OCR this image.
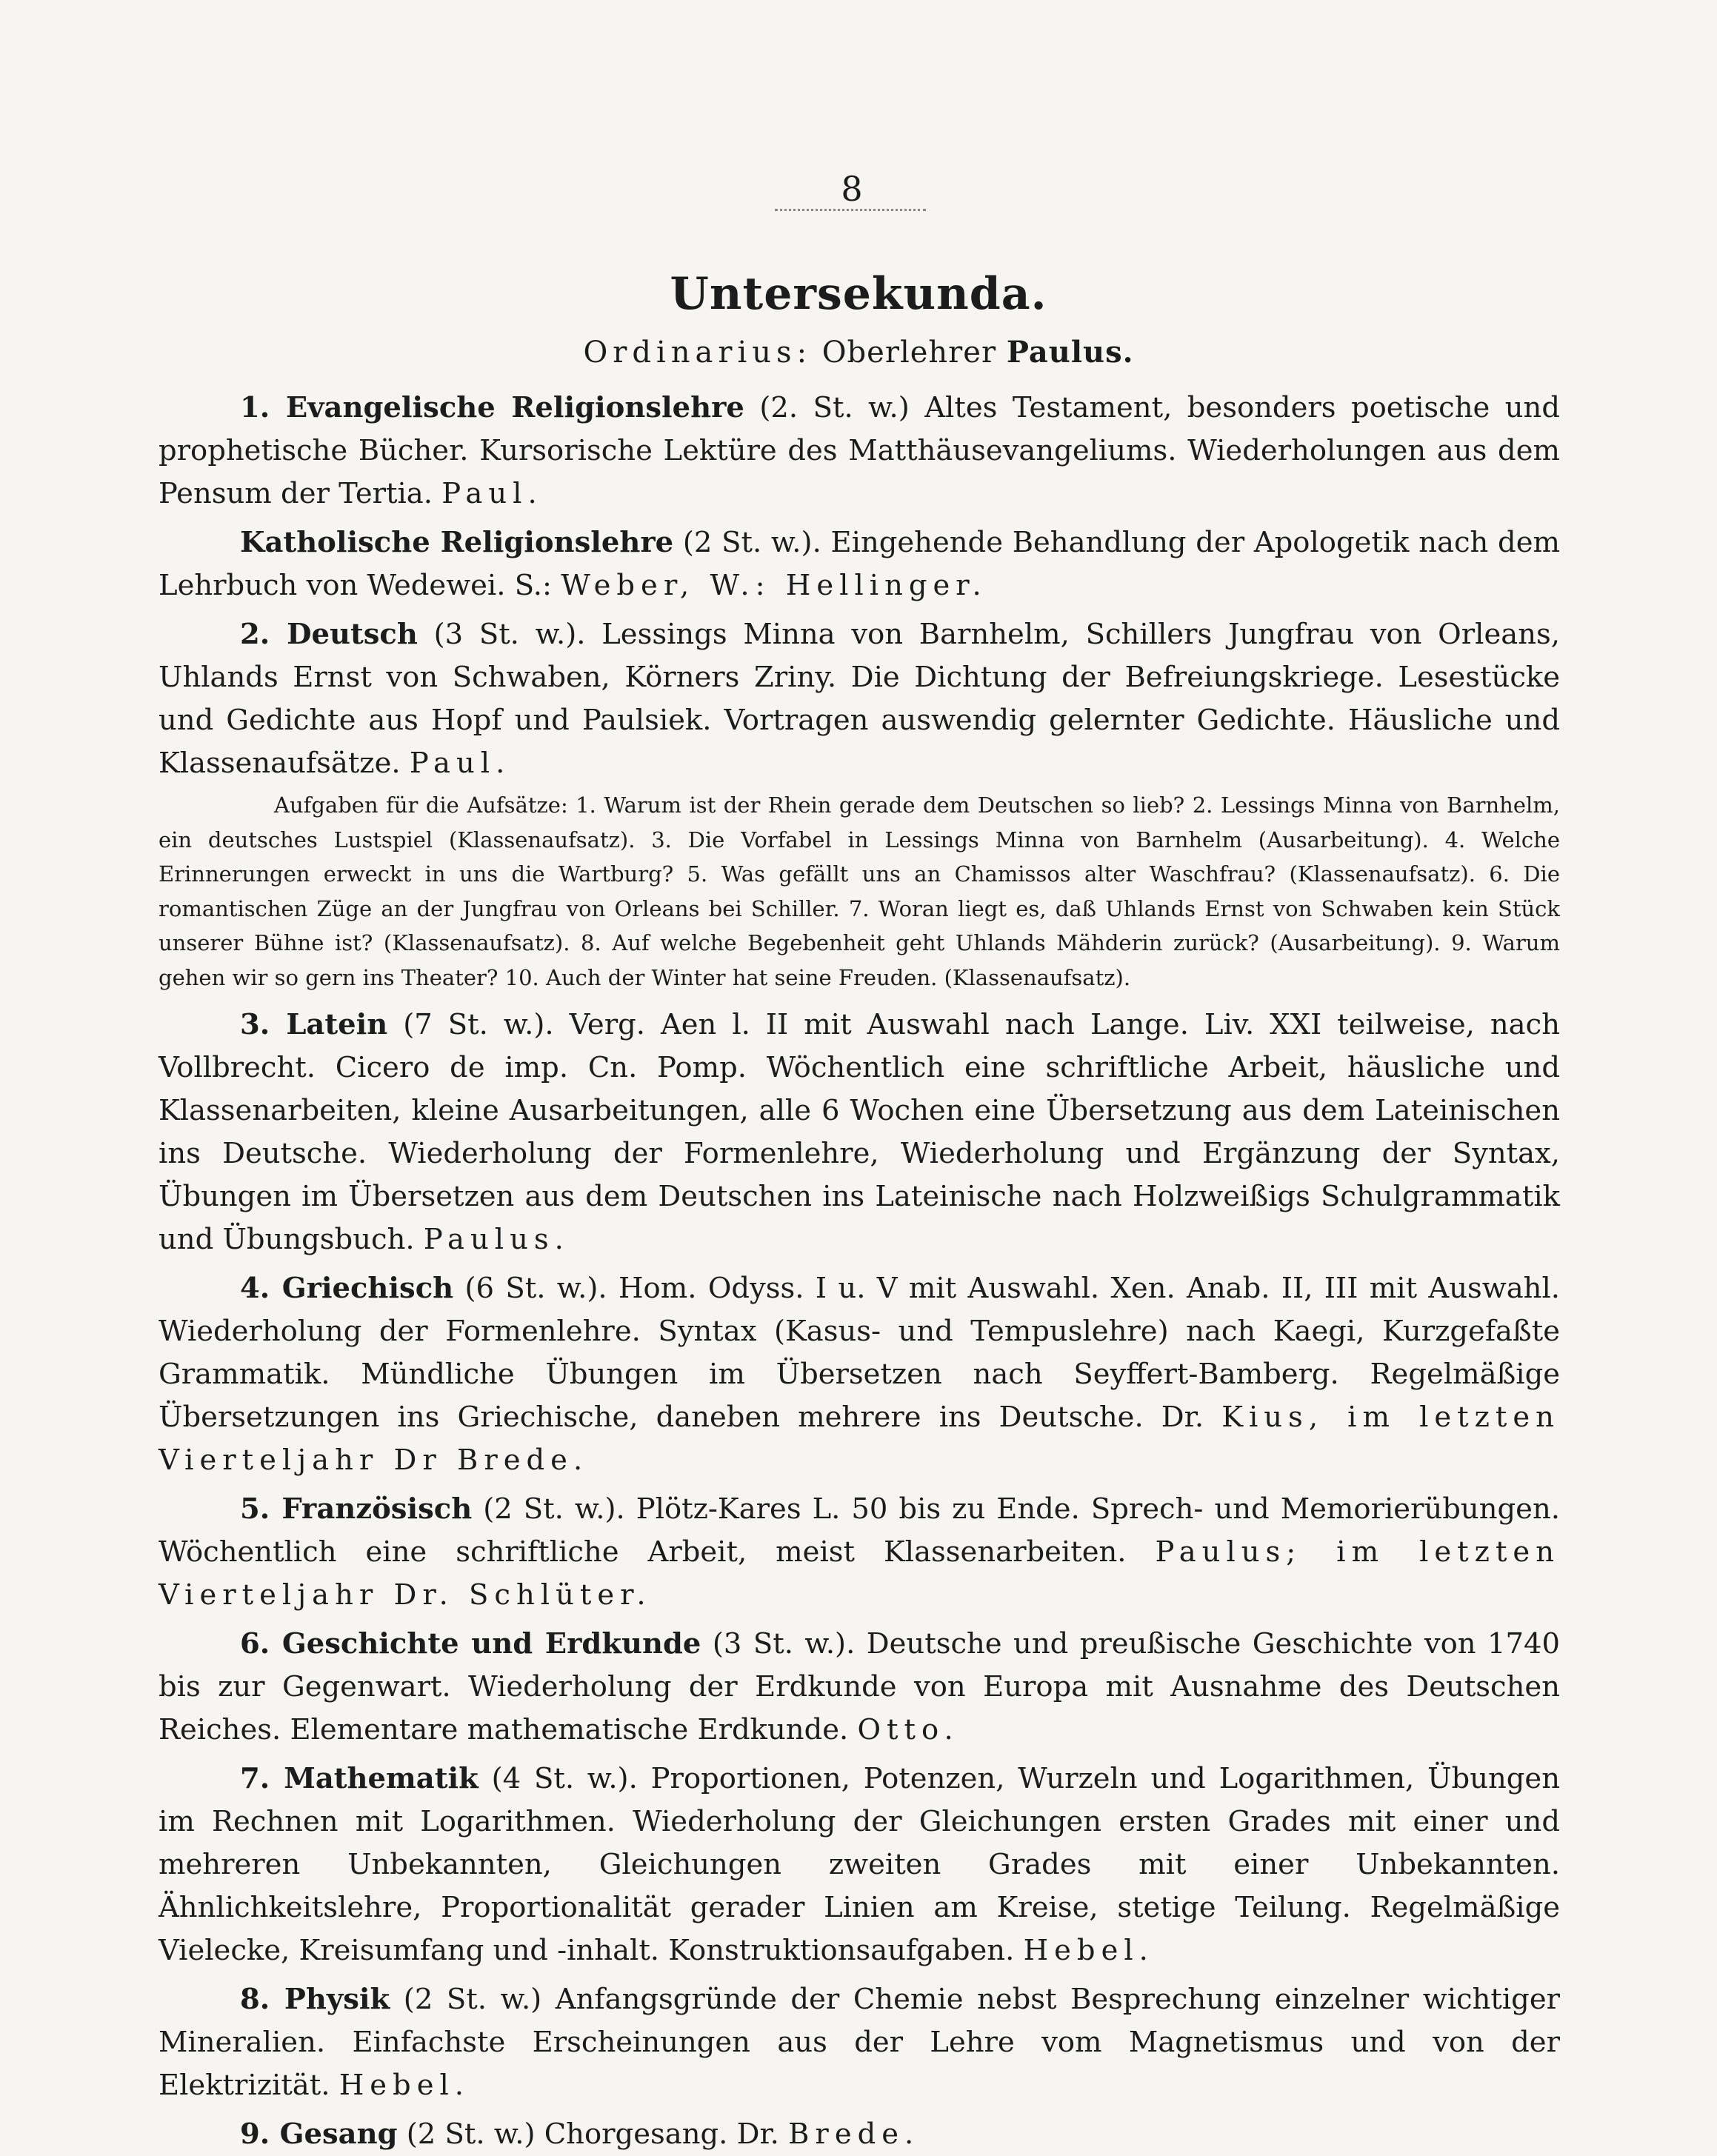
8
Untersekunda.
Ordinarius: Oberlehrer Paulus.

1. Evangelische Religionslehre (2. St. w.) Altes Testament, besonders poetische und prophetische Bücher. Kursorische Lektüre des Matthäusevangeliums. Wiederholungen aus dem Pensum der Tertia. Paul.

Katholische Religionslehre (2 St. w.). Eingehende Behandlung der Apologetik nach dem Lehrbuch von Wedewei. S.: Weber, W.: Hellinger.

2. Deutsch (3 St. w.). Lessings Minna von Barnhelm, Schillers Jungfrau von Orleans, Uhlands Ernst von Schwaben, Körners Zriny. Die Dichtung der Befreiungskriege. Lesestücke und Gedichte aus Hopf und Paulsiek. Vortragen auswendig gelernter Gedichte. Häusliche und Klassenaufsätze. Paul.

Aufgaben für die Aufsätze: 1. Warum ist der Rhein gerade dem Deutschen so lieb? 2. Lessings Minna von Barnhelm, ein deutsches Lustspiel (Klassenaufsatz). 3. Die Vorfabel in Lessings Minna von Barnhelm (Ausarbeitung). 4. Welche Erinnerungen erweckt in uns die Wartburg? 5. Was gefällt uns an Chamissos alter Waschfrau? (Klassenaufsatz). 6. Die romantischen Züge an der Jungfrau von Orleans bei Schiller. 7. Woran liegt es, daß Uhlands Ernst von Schwaben kein Stück unserer Bühne ist? (Klassenaufsatz). 8. Auf welche Begebenheit geht Uhlands Mähderin zurück? (Ausarbeitung). 9. Warum gehen wir so gern ins Theater? 10. Auch der Winter hat seine Freuden. (Klassenaufsatz).

3. Latein (7 St. w.). Verg. Aen l. II mit Auswahl nach Lange. Liv. XXI teilweise, nach Vollbrecht. Cicero de imp. Cn. Pomp. Wöchentlich eine schriftliche Arbeit, häusliche und Klassenarbeiten, kleine Ausarbeitungen, alle 6 Wochen eine Übersetzung aus dem Lateinischen ins Deutsche. Wiederholung der Formenlehre, Wiederholung und Ergänzung der Syntax, Übungen im Übersetzen aus dem Deutschen ins Lateinische nach Holzweißigs Schulgrammatik und Übungsbuch. Paulus.

4. Griechisch (6 St. w.). Hom. Odyss. I u. V mit Auswahl. Xen. Anab. II, III mit Auswahl. Wiederholung der Formenlehre. Syntax (Kasus- und Tempuslehre) nach Kaegi, Kurzgefaßte Grammatik. Mündliche Übungen im Übersetzen nach Seyffert-Bamberg. Regelmäßige Übersetzungen ins Griechische, daneben mehrere ins Deutsche. Dr. Kius, im letzten Vierteljahr Dr Brede.

5. Französisch (2 St. w.). Plötz-Kares L. 50 bis zu Ende. Sprech- und Memorierübungen. Wöchentlich eine schriftliche Arbeit, meist Klassenarbeiten. Paulus; im letzten Vierteljahr Dr. Schlüter.

6. Geschichte und Erdkunde (3 St. w.). Deutsche und preußische Geschichte von 1740 bis zur Gegenwart. Wiederholung der Erdkunde von Europa mit Ausnahme des Deutschen Reiches. Elementare mathematische Erdkunde. Otto.

7. Mathematik (4 St. w.). Proportionen, Potenzen, Wurzeln und Logarithmen, Übungen im Rechnen mit Logarithmen. Wiederholung der Gleichungen ersten Grades mit einer und mehreren Unbekannten, Gleichungen zweiten Grades mit einer Unbekannten. Ähnlichkeitslehre, Proportionalität gerader Linien am Kreise, stetige Teilung. Regelmäßige Vielecke, Kreisumfang und -inhalt. Konstruktionsaufgaben. Hebel.

8. Physik (2 St. w.) Anfangsgründe der Chemie nebst Besprechung einzelner wichtiger Mineralien. Einfachste Erscheinungen aus der Lehre vom Magnetismus und von der Elektrizität. Hebel.

9. Gesang (2 St. w.) Chorgesang. Dr. Brede.
